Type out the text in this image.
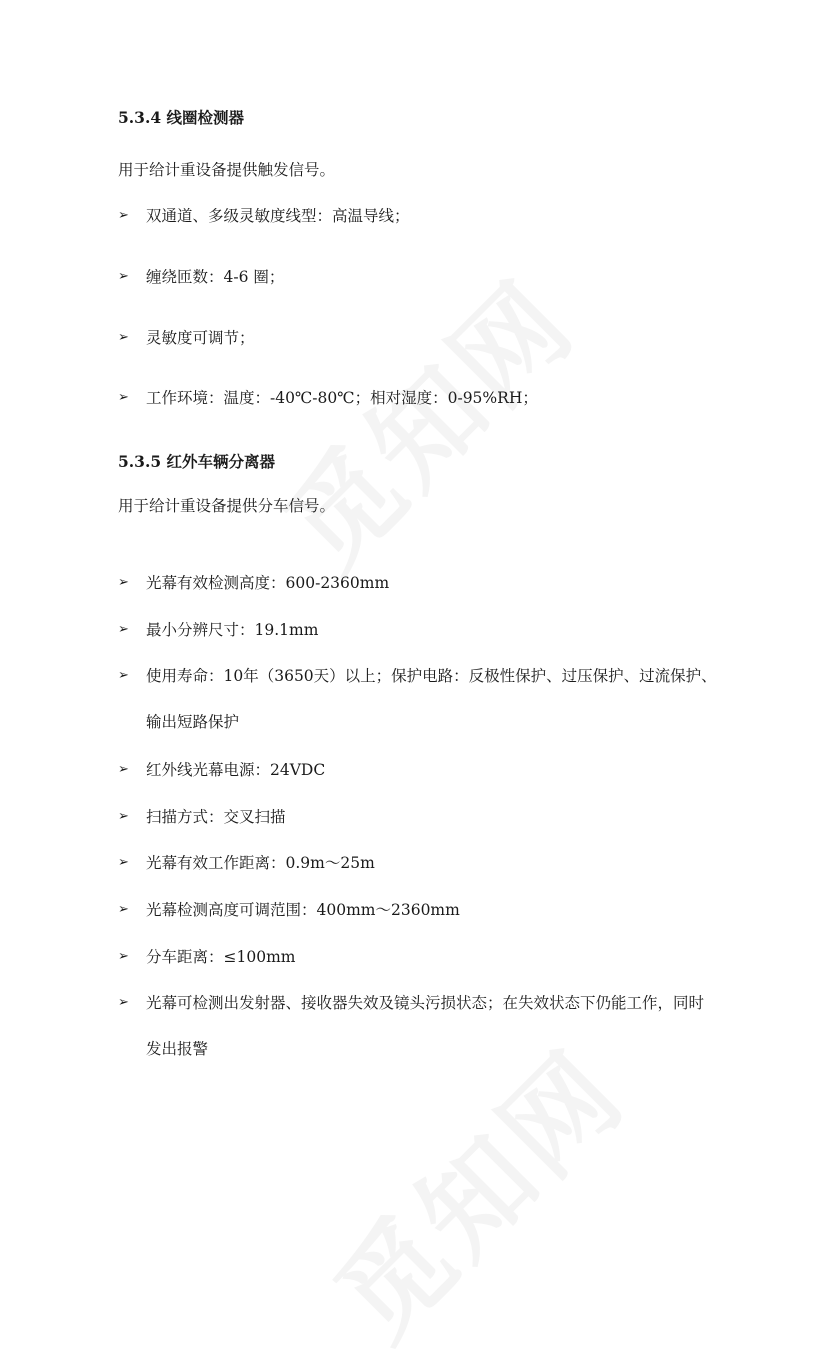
5.3.4 线圈检测器
用于给计重设备提供触发信号。
➢ 双通道、多级灵敏度线型：高温导线；
➢ 缠绕匝数：4-6 圈；
➢ 灵敏度可调节；
➢ 工作环境：温度：-40℃-80℃；相对湿度：0-95%RH；
5.3.5 红外车辆分离器
用于给计重设备提供分车信号。
➢ 光幕有效检测高度：600-2360mm
➢ 最小分辨尺寸：19.1mm
➢ 使用寿命：10年（3650天）以上；保护电路：反极性保护、过压保护、过流保护、输出短路保护
➢ 红外线光幕电源：24VDC
➢ 扫描方式：交叉扫描
➢ 光幕有效工作距离：0.9m～25m
➢ 光幕检测高度可调范围：400mm～2360mm
➢ 分车距离：≤100mm
➢ 光幕可检测出发射器、接收器失效及镜头污损状态；在失效状态下仍能工作，同时发出报警
